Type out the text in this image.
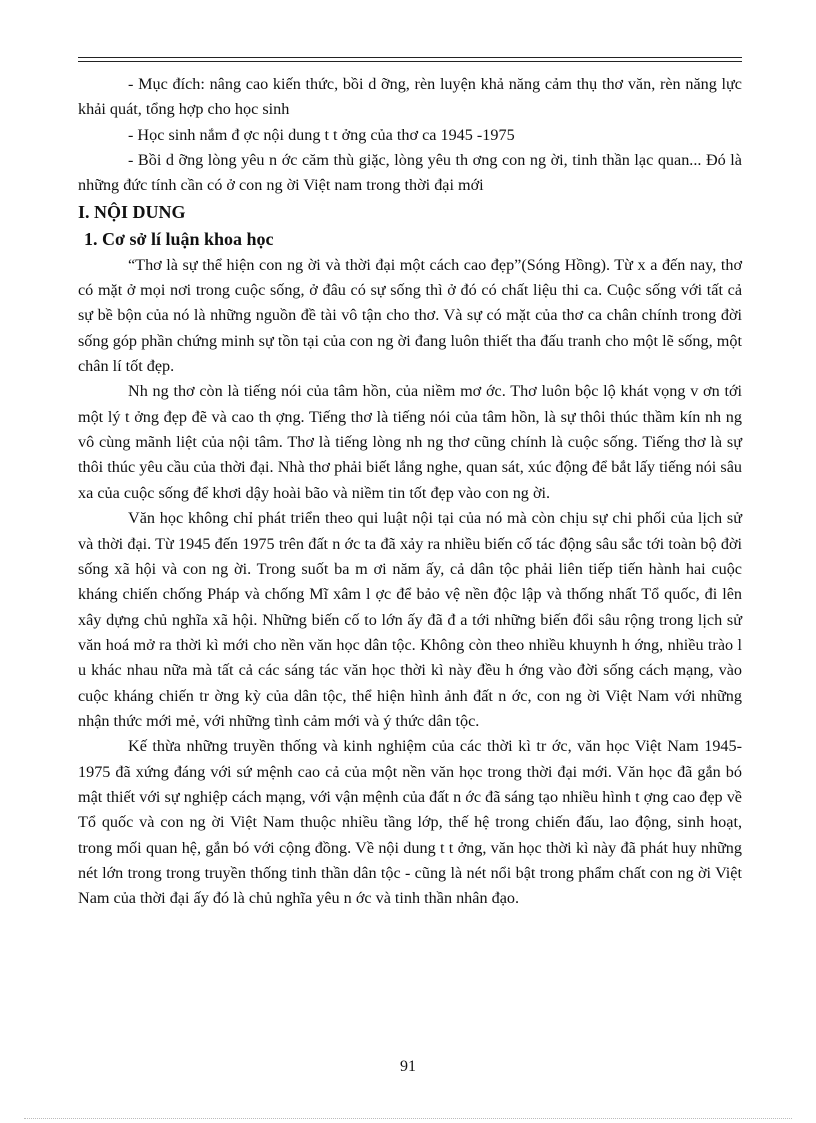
- Mục đích: nâng cao kiến thức, bồi d ỡng, rèn luyện khả năng cảm thụ thơ văn, rèn năng lực khải quát, tổng hợp cho học sinh

- Học sinh nắm đ ợc nội dung t t ởng của thơ ca 1945 -1975

- Bồi d ỡng lòng yêu n ớc căm thù giặc, lòng yêu th ơng con ng ời, tinh thần lạc quan... Đó là những đức tính cần có ở con ng ời Việt nam trong thời đại mới

I. NỘI DUNG
1. Cơ sở lí luận khoa học

“Thơ là sự thể hiện con ng ời và thời đại một cách cao đẹp”(Sóng Hồng). Từ x a đến nay, thơ có mặt ở mọi nơi trong cuộc sống, ở đâu có sự sống thì ở đó có chất liệu thi ca. Cuộc sống với tất cả sự bề bộn của nó là những nguồn đề tài vô tận cho thơ. Và sự có mặt của thơ ca chân chính trong đời sống góp phần chứng minh sự tồn tại của con ng ời đang luôn thiết tha đấu tranh cho một lẽ sống, một chân lí tốt đẹp.

Nh ng thơ còn là tiếng nói của tâm hồn, của niềm mơ ớc. Thơ luôn bộc lộ khát vọng v ơn tới một lý t ởng đẹp đẽ và cao th ợng. Tiếng thơ là tiếng nói của tâm hồn, là sự thôi thúc thầm kín nh ng vô cùng mãnh liệt của nội tâm. Thơ là tiếng lòng nh ng thơ cũng chính là cuộc sống. Tiếng thơ là sự thôi thúc yêu cầu của thời đại. Nhà thơ phải biết lắng nghe, quan sát, xúc động để bắt lấy tiếng nói sâu xa của cuộc sống để khơi dậy hoài bão và niềm tin tốt đẹp vào con ng ời.

Văn học không chỉ phát triển theo qui luật nội tại của nó mà còn chịu sự chi phối của lịch sử và thời đại. Từ 1945 đến 1975 trên đất n ớc ta đã xảy ra nhiều biến cố tác động sâu sắc tới toàn bộ đời sống xã hội và con ng ời. Trong suốt ba m ơi năm ấy, cả dân tộc phải liên tiếp tiến hành hai cuộc kháng chiến chống Pháp và chống Mĩ xâm l ợc để bảo vệ nền độc lập và thống nhất Tổ quốc, đi lên xây dựng chủ nghĩa xã hội. Những biến cố to lớn ấy đã đ a tới những biến đổi sâu rộng trong lịch sử văn hoá mở ra thời kì mới cho nền văn học dân tộc. Không còn theo nhiều khuynh h ớng, nhiều trào l u khác nhau nữa mà tất cả các sáng tác văn học thời kì này đều h ớng vào đời sống cách mạng, vào cuộc kháng chiến tr ờng kỳ của dân tộc, thể hiện hình ảnh đất n ớc, con ng ời Việt Nam với những nhận thức mới mẻ, với những tình cảm mới và ý thức dân tộc.

Kế thừa những truyền thống và kinh nghiệm của các thời kì tr ớc, văn học Việt Nam 1945- 1975 đã xứng đáng với sứ mệnh cao cả của một nền văn học trong thời đại mới. Văn học đã gắn bó mật thiết với sự nghiệp cách mạng, với vận mệnh của đất n ớc đã sáng tạo nhiều hình t ợng cao đẹp về Tổ quốc và con ng ời Việt Nam thuộc nhiều tầng lớp, thế hệ trong chiến đấu, lao động, sinh hoạt, trong mối quan hệ, gắn bó với cộng đồng. Về nội dung t t ởng, văn học thời kì này đã phát huy những nét lớn trong trong truyền thống tinh thần dân tộc - cũng là nét nổi bật trong phẩm chất con ng ời Việt Nam của thời đại ấy đó là chủ nghĩa yêu n ớc và tinh thần nhân đạo.

91
